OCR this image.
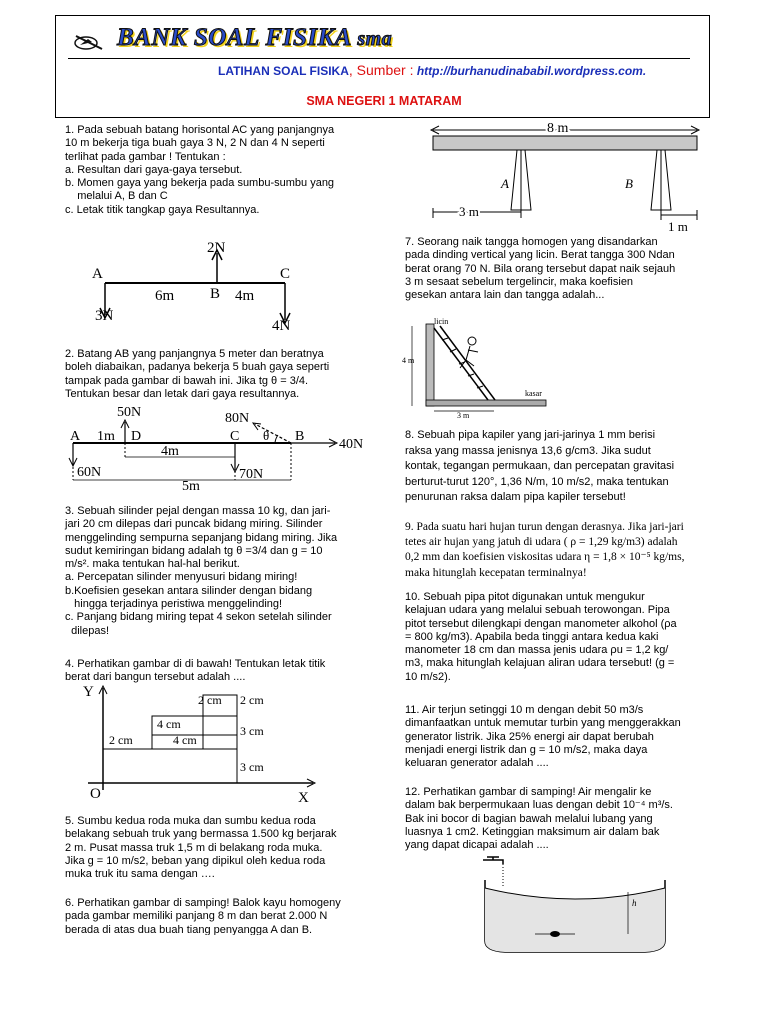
BANK SOAL FISIKA sma
LATIHAN SOAL FISIKA, Sumber : http://burhanudinababil.wordpress.com.
SMA NEGERI 1 MATARAM
1. Pada sebuah batang horisontal AC yang panjangnya
10 m bekerja tiga buah gaya 3 N, 2 N dan 4 N seperti
terlihat pada gambar ! Tentukan :
a. Resultan dari gaya-gaya tersebut.
b. Momen gaya yang bekerja pada sumbu-sumbu yang
melalui A, B dan C
c. Letak titik tangkap gaya Resultannya.
A
B
C
2N
3N
4N
6m	4m
2. Batang AB yang panjangnya 5 meter dan beratnya
boleh diabaikan, padanya bekerja 5 buah gaya seperti
tampak pada gambar di bawah ini. Jika tg θ = 3/4.
Tentukan besar dan letak dari gaya resultannya.
A	D	C	B
θ
50N	80N
40N
60N	70N
1m
4m
5m
3. Sebuah silinder pejal dengan massa 10 kg, dan jari-
jari 20 cm dilepas dari puncak bidang miring. Silinder
menggelinding sempurna sepanjang bidang miring. Jika
sudut kemiringan bidang adalah tg θ =3/4 dan g = 10
m/s². maka tentukan hal-hal berikut.
a. Percepatan silinder menyusuri bidang miring!
b.Koefisien gesekan antara silinder dengan bidang
hingga terjadinya peristiwa menggelinding!
c. Panjang bidang miring tepat 4 sekon setelah silinder
dilepas!
4. Perhatikan gambar di di bawah! Tentukan letak titik
berat dari bangun tersebut adalah ....
Y
X
O
2 cm 2 cm
4 cm	3 cm
2 cm	4 cm
3 cm
5. Sumbu kedua roda muka dan sumbu kedua roda
belakang sebuah truk yang bermassa 1.500 kg berjarak
2 m. Pusat massa truk 1,5 m di belakang roda muka.
Jika g = 10 m/s2, beban yang dipikul oleh kedua roda
muka truk itu sama dengan ….
6. Perhatikan gambar di samping! Balok kayu homogeny
pada gambar memiliki panjang 8 m dan berat 2.000 N
berada di atas dua buah tiang penyangga A dan B.
8 m
A	B
3 m
1 m
7. Seorang naik tangga homogen yang disandarkan
pada dinding vertical yang licin. Berat tangga 300 Ndan
berat orang 70 N. Bila orang tersebut dapat naik sejauh
3 m sesaat sebelum tergelincir, maka koefisien
gesekan antara lain dan tangga adalah...
licin
4 m
kasar
3 m
8. Sebuah pipa kapiler yang jari-jarinya 1 mm berisi
raksa yang massa jenisnya 13,6 g/cm3. Jika sudut
kontak, tegangan permukaan, dan percepatan gravitasi
berturut-turut 120°, 1,36 N/m, 10 m/s2, maka tentukan
penurunan raksa dalam pipa kapiler tersebut!
9. Pada suatu hari hujan turun dengan derasnya. Jika jari-jari
tetes air hujan yang jatuh di udara ( ρ = 1,29 kg/m3) adalah
0,2 mm dan koefisien viskositas udara η = 1,8 × 10⁻⁵ kg/ms,
maka hitunglah kecepatan terminalnya!
10. Sebuah pipa pitot digunakan untuk mengukur
kelajuan udara yang melalui sebuah terowongan. Pipa
pitot tersebut dilengkapi dengan manometer alkohol (ρa
= 800 kg/m3). Apabila beda tinggi antara kedua kaki
manometer 18 cm dan massa jenis udara ρu = 1,2 kg/
m3, maka hitunglah kelajuan aliran udara tersebut! (g =
10 m/s2).
11. Air terjun setinggi 10 m dengan debit 50 m3/s
dimanfaatkan untuk memutar turbin yang menggerakkan
generator listrik. Jika 25% energi air dapat berubah
menjadi energi listrik dan g = 10 m/s2, maka daya
keluaran generator adalah ....
12. Perhatikan gambar di samping! Air mengalir ke
dalam bak berpermukaan luas dengan debit 10⁻⁴ m³/s.
Bak ini bocor di bagian bawah melalui lubang yang
luasnya 1 cm2. Ketinggian maksimum air dalam bak
yang dapat dicapai adalah ....
h
